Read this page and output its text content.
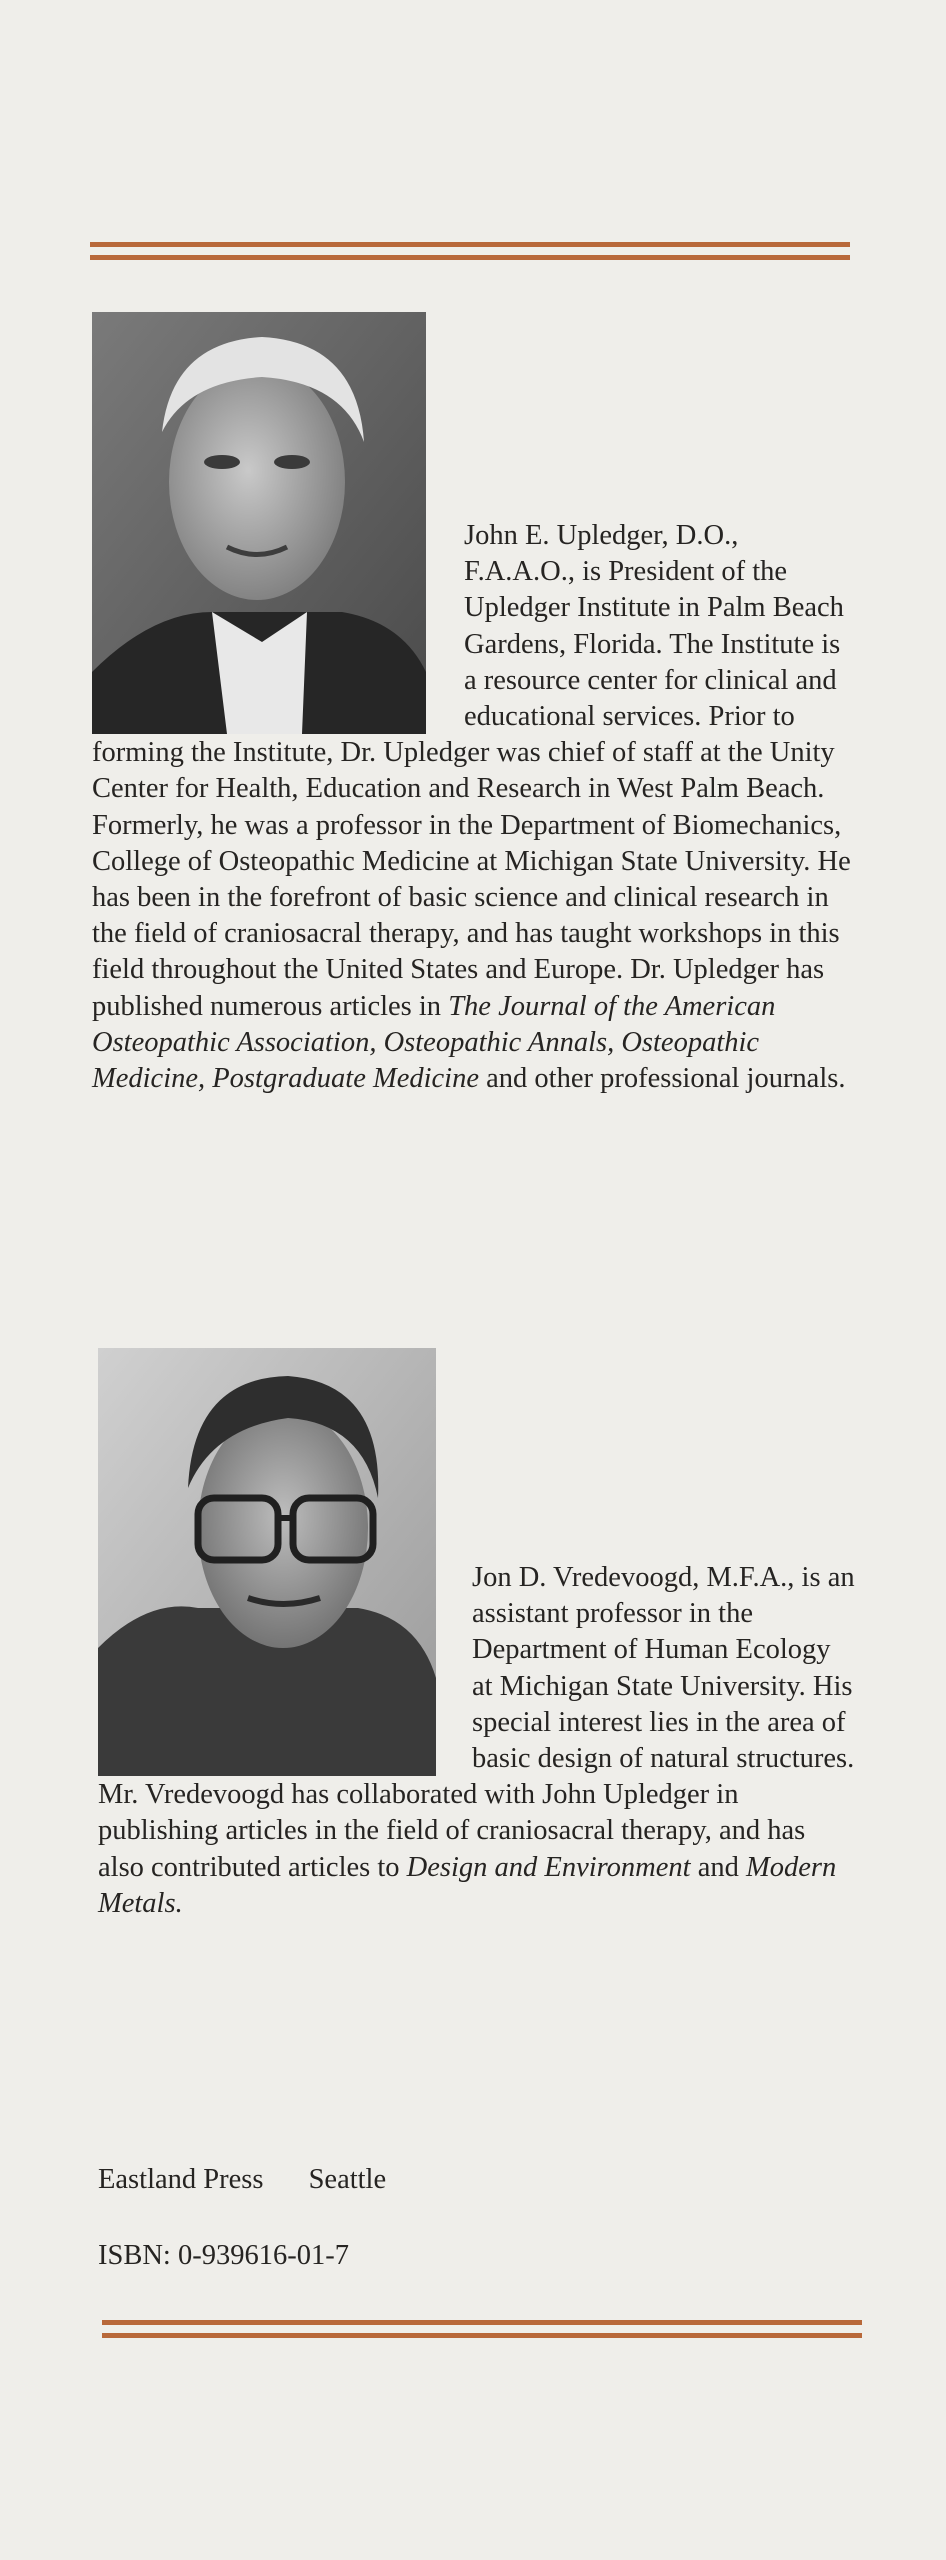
John E. Upledger, D.O., F.A.A.O., is President of the Upledger Institute in Palm Beach Gardens, Florida. The Institute is a resource center for clinical and educational services. Prior to forming the Institute, Dr. Upledger was chief of staff at the Unity Center for Health, Education and Research in West Palm Beach. Formerly, he was a professor in the Department of Biomechanics, College of Osteopathic Medicine at Michigan State University. He has been in the forefront of basic science and clinical research in the field of craniosacral therapy, and has taught workshops in this field throughout the United States and Europe. Dr. Upledger has published numerous articles in The Journal of the American Osteopathic Association, Osteopathic Annals, Osteopathic Medicine, Postgraduate Medicine and other professional journals.

Jon D. Vredevoogd, M.F.A., is an assistant professor in the Department of Human Ecology at Michigan State University. His special interest lies in the area of basic design of natural structures. Mr. Vredevoogd has collaborated with John Upledger in publishing articles in the field of craniosacral therapy, and has also contributed articles to Design and Environment and Modern Metals.

Eastland Press Seattle
ISBN: 0-939616-01-7
